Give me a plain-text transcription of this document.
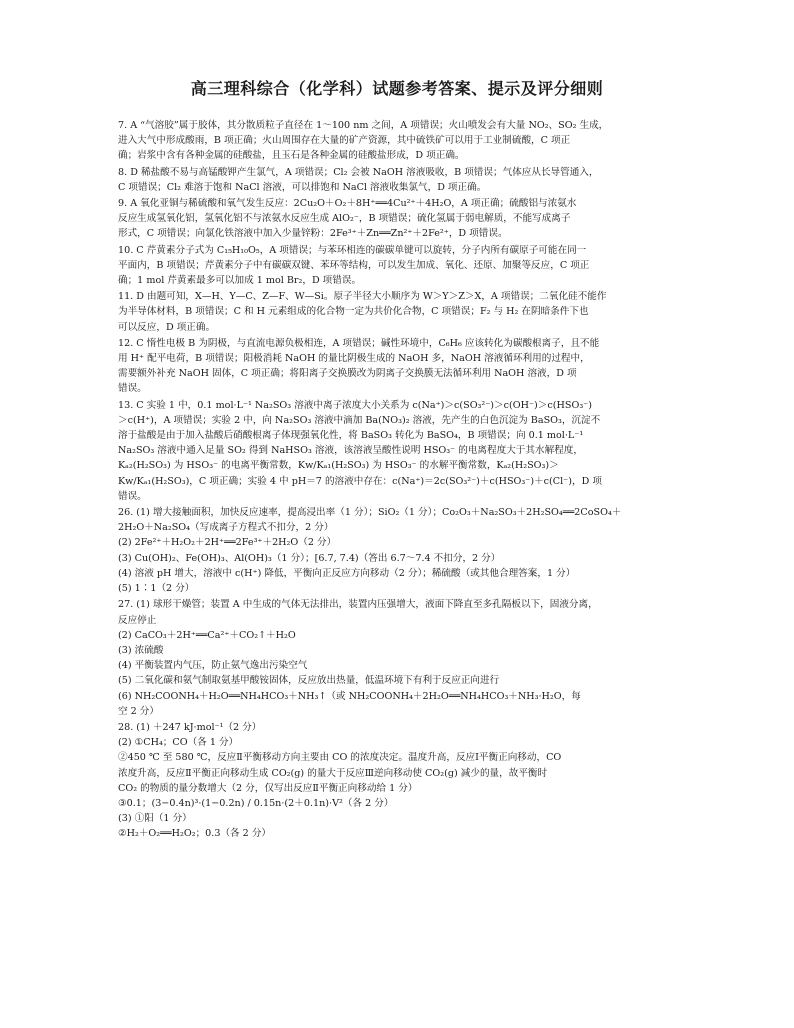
高三理科综合（化学科）试题参考答案、提示及评分细则
7. A “气溶胶”属于胶体，其分散质粒子直径在 1～100 nm 之间，A 项错误；火山喷发会有大量 NO₂、SO₂ 生成，
进入大气中形成酸雨，B 项正确；火山周围存在大量的矿产资源，其中硫铁矿可以用于工业制硫酸，C 项正
确；岩浆中含有各种金属的硅酸盐，且玉石是各种金属的硅酸盐形成，D 项正确。
8. D 稀盐酸不易与高锰酸钾产生氯气，A 项错误；Cl₂ 会被 NaOH 溶液吸收，B 项错误；气体应从长导管通入，
C 项错误；Cl₂ 难溶于饱和 NaCl 溶液，可以排饱和 NaCl 溶液收集氯气，D 项正确。
9. A 氧化亚铜与稀硫酸和氧气发生反应：2Cu₂O＋O₂＋8H⁺══4Cu²⁺＋4H₂O，A 项正确；硫酸铝与浓氨水
反应生成氢氧化铝，氢氧化铝不与浓氨水反应生成 AlO₂⁻，B 项错误；硫化氢属于弱电解质，不能写成离子
形式，C 项错误；向氯化铁溶液中加入少量锌粉：2Fe³⁺＋Zn══Zn²⁺＋2Fe²⁺，D 项错误。
10. C 芹黄素分子式为 C₁₅H₁₀O₅，A 项错误；与苯环相连的碳碳单键可以旋转，分子内所有碳原子可能在同一
平面内，B 项错误；芹黄素分子中有碳碳双键、苯环等结构，可以发生加成、氧化、还原、加聚等反应，C 项正
确；1 mol 芹黄素最多可以加成 1 mol Br₂，D 项错误。
11. D 由题可知，X—H、Y—C、Z—F、W—Si。原子半径大小顺序为 W＞Y＞Z＞X，A 项错误；二氧化硅不能作
为半导体材料，B 项错误；C 和 H 元素组成的化合物一定为共价化合物，C 项错误；F₂ 与 H₂ 在阴暗条件下也
可以反应，D 项正确。
12. C 惰性电极 B 为阴极，与直流电源负极相连，A 项错误；碱性环境中，C₆H₆ 应该转化为碳酸根离子，且不能
用 H⁺ 配平电荷，B 项错误；阳极消耗 NaOH 的量比阴极生成的 NaOH 多，NaOH 溶液循环利用的过程中，
需要额外补充 NaOH 固体，C 项正确；将阳离子交换膜改为阴离子交换膜无法循环利用 NaOH 溶液，D 项
错误。
13. C 实验 1 中，0.1 mol·L⁻¹ Na₂SO₃ 溶液中离子浓度大小关系为 c(Na⁺)＞c(SO₃²⁻)＞c(OH⁻)＞c(HSO₃⁻)
＞c(H⁺)，A 项错误；实验 2 中，向 Na₂SO₃ 溶液中滴加 Ba(NO₃)₂ 溶液，先产生的白色沉淀为 BaSO₃，沉淀不
溶于盐酸是由于加入盐酸后硝酸根离子体现强氧化性，将 BaSO₃ 转化为 BaSO₄，B 项错误；向 0.1 mol·L⁻¹
Na₂SO₃ 溶液中通入足量 SO₂ 得到 NaHSO₃ 溶液，该溶液呈酸性说明 HSO₃⁻ 的电离程度大于其水解程度，
Kₐ₂(H₂SO₃) 为 HSO₃⁻ 的电离平衡常数，Kw/Kₐ₁(H₂SO₃) 为 HSO₃⁻ 的水解平衡常数，Kₐ₂(H₂SO₃)＞
Kw/Kₐ₁(H₂SO₃)，C 项正确；实验 4 中 pH＝7 的溶液中存在：c(Na⁺)＝2c(SO₃²⁻)＋c(HSO₃⁻)＋c(Cl⁻)，D 项
错误。
26. (1) 增大接触面积，加快反应速率，提高浸出率（1 分）；SiO₂（1 分）；Co₂O₃＋Na₂SO₃＋2H₂SO₄══2CoSO₄＋
2H₂O＋Na₂SO₄（写成离子方程式不扣分，2 分）
(2) 2Fe²⁺＋H₂O₂＋2H⁺══2Fe³⁺＋2H₂O（2 分）
(3) Cu(OH)₂、Fe(OH)₃、Al(OH)₃（1 分）；[6.7, 7.4)（答出 6.7～7.4 不扣分，2 分）
(4) 溶液 pH 增大，溶液中 c(H⁺) 降低，平衡向正反应方向移动（2 分）；稀硫酸（或其他合理答案，1 分）
(5) 1∶1（2 分）
27. (1) 球形干燥管；装置 A 中生成的气体无法排出，装置内压强增大，液面下降直至多孔隔板以下，固液分离，
反应停止
(2) CaCO₃＋2H⁺══Ca²⁺＋CO₂↑＋H₂O
(3) 浓硫酸
(4) 平衡装置内气压，防止氨气逸出污染空气
(5) 二氧化碳和氨气制取氨基甲酸铵固体，反应放出热量，低温环境下有利于反应正向进行
(6) NH₂COONH₄＋H₂O══NH₄HCO₃＋NH₃↑（或 NH₂COONH₄＋2H₂O══NH₄HCO₃＋NH₃·H₂O，每
空 2 分）
28. (1) ＋247 kJ·mol⁻¹（2 分）
(2) ①CH₄；CO（各 1 分）
②450 ℃ 至 580 ℃，反应Ⅱ平衡移动方向主要由 CO 的浓度决定。温度升高，反应Ⅰ平衡正向移动，CO
浓度升高，反应Ⅱ平衡正向移动生成 CO₂(g) 的量大于反应Ⅲ逆向移动使 CO₂(g) 减少的量，故平衡时
CO₂ 的物质的量分数增大（2 分，仅写出反应Ⅱ平衡正向移动给 1 分）
③0.1；(3−0.4n)³·(1−0.2n) / 0.15n·(2＋0.1n)·V²（各 2 分）
(3) ①阳（1 分）
②H₂＋O₂══H₂O₂；0.3（各 2 分）
